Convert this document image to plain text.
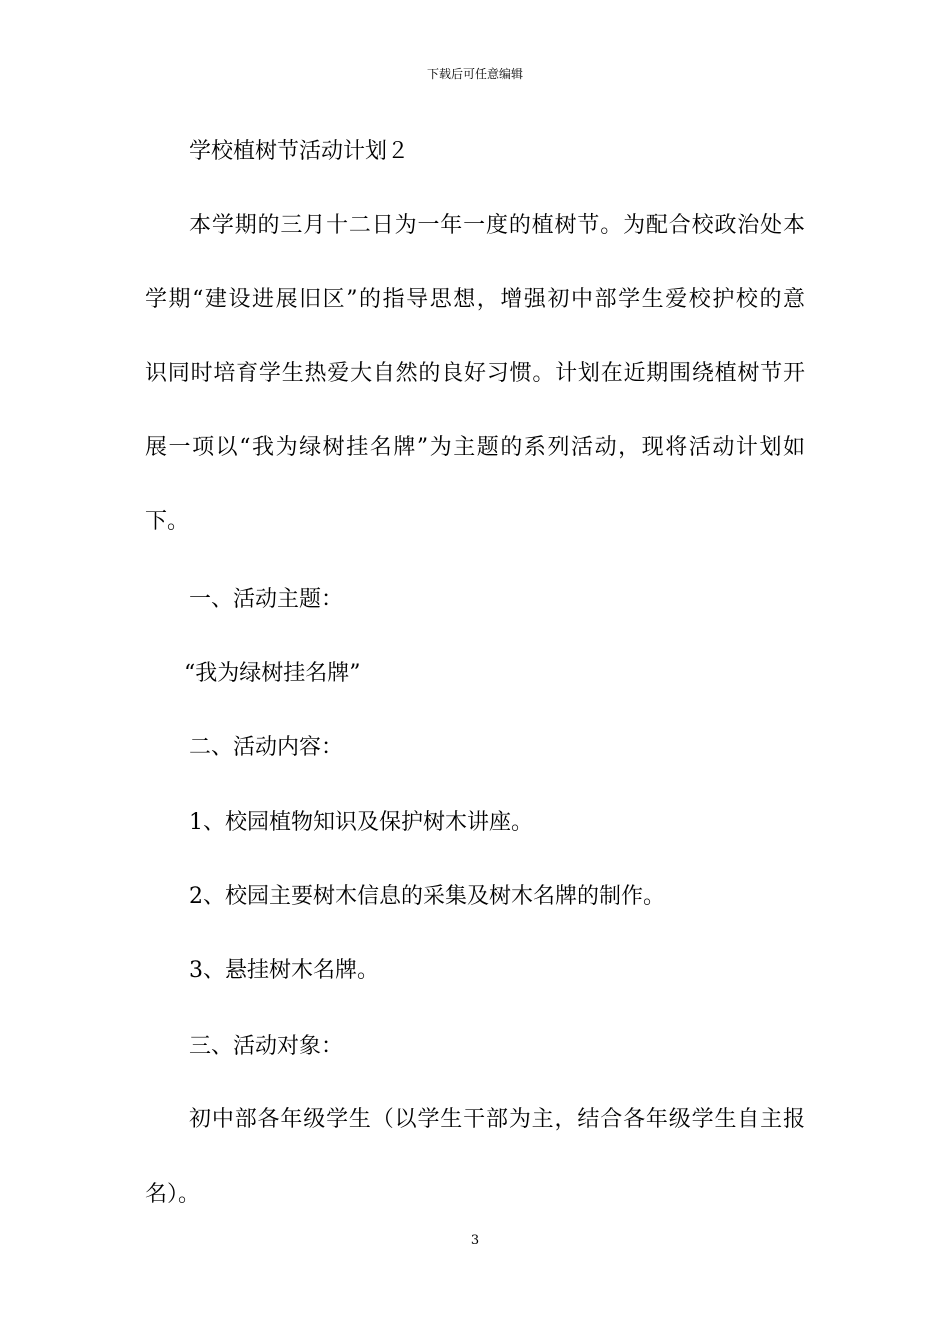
下载后可任意编辑
学校植树节活动计划２
本学期的三月十二日为一年一度的植树节。为配合校政治处本
学期“建设进展旧区”的指导思想，增强初中部学生爱校护校的意
识同时培育学生热爱大自然的良好习惯。计划在近期围绕植树节开
展一项以“我为绿树挂名牌”为主题的系列活动，现将活动计划如
下。
一、活动主题：
“我为绿树挂名牌”
二、活动内容：
1、校园植物知识及保护树木讲座。
2、校园主要树木信息的采集及树木名牌的制作。
3、悬挂树木名牌。
三、活动对象：
初中部各年级学生（以学生干部为主，结合各年级学生自主报
名）。
3
